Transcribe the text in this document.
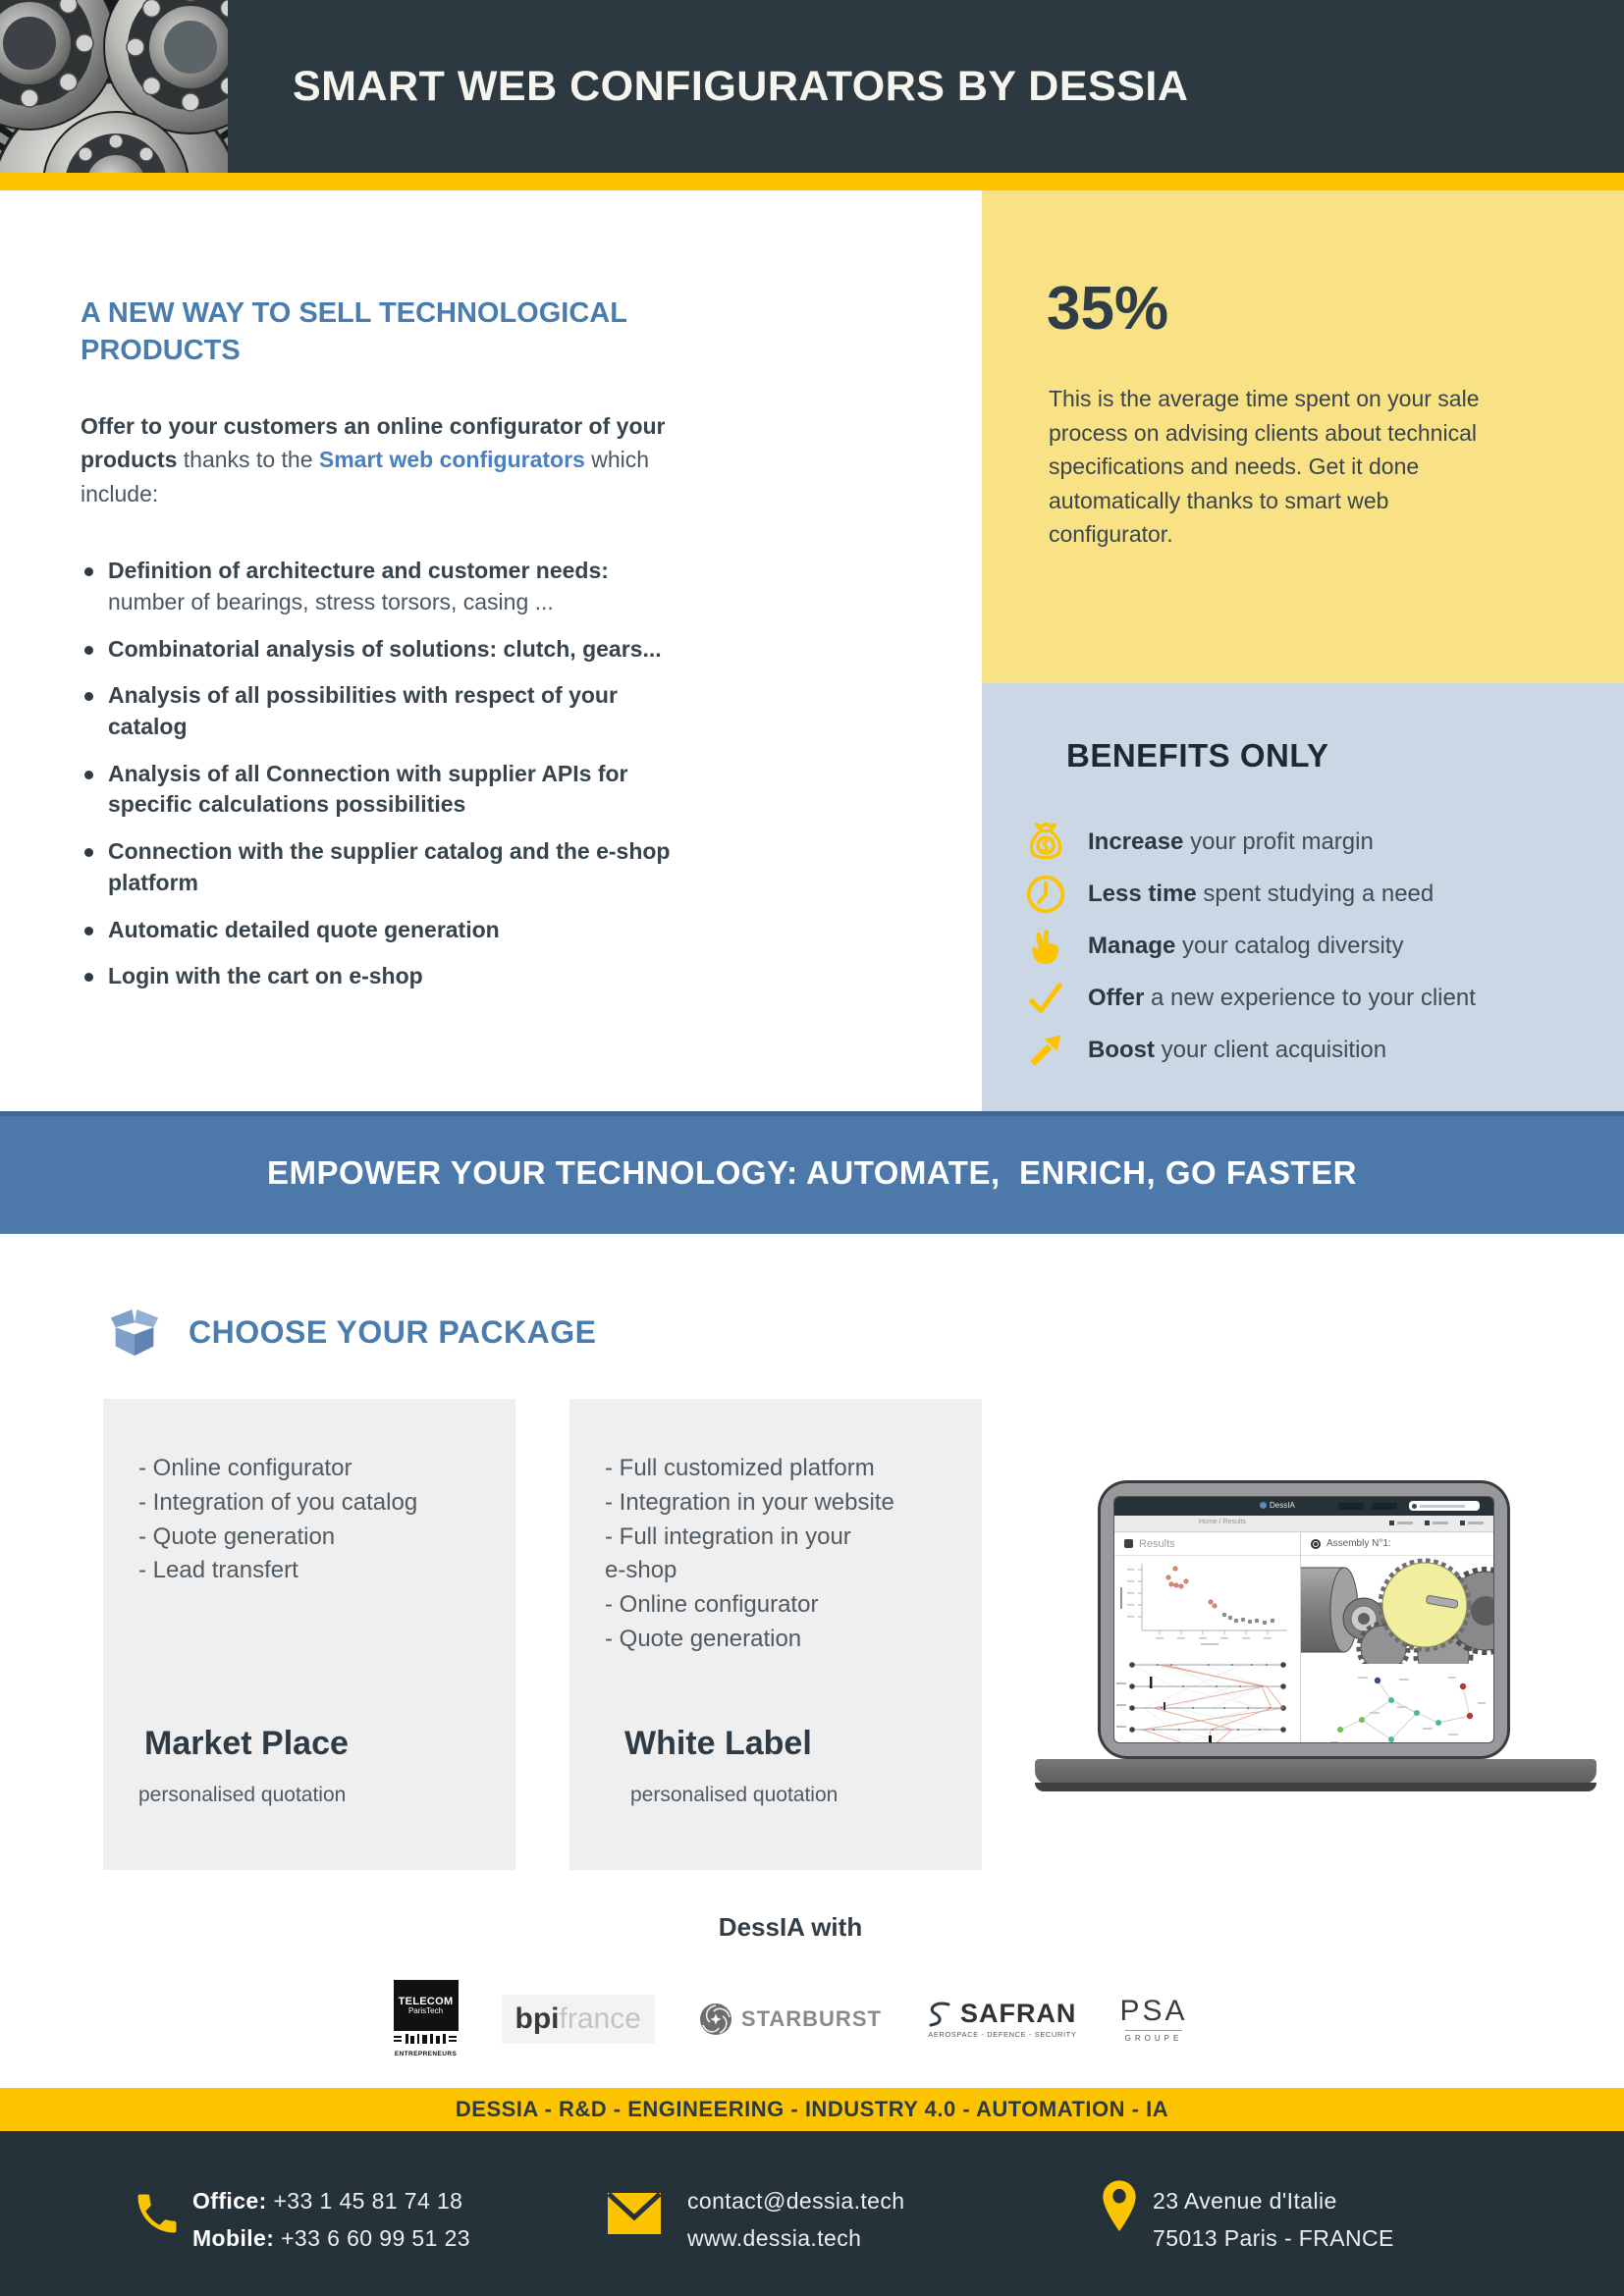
SMART WEB CONFIGURATORS BY DESSIA
A NEW WAY TO SELL TECHNOLOGICAL PRODUCTS
Offer to your customers an online configurator of your products thanks to the Smart web configurators which include:
Definition of architecture and customer needs: number of bearings, stress torsors, casing ...
Combinatorial analysis of solutions: clutch, gears...
Analysis of all possibilities with respect of your catalog
Analysis of all Connection with supplier APIs for specific calculations possibilities
Connection with the supplier catalog and the e-shop platform
Automatic detailed quote generation
Login with the cart on e-shop
35%
This is the average time spent on your sale process on advising clients about technical specifications and needs. Get it done automatically thanks to smart web configurator.
BENEFITS ONLY
Increase your profit margin
Less time spent studying a need
Manage your catalog diversity
Offer a new experience to your client
Boost your client acquisition
EMPOWER YOUR TECHNOLOGY: AUTOMATE,  ENRICH, GO FASTER
CHOOSE YOUR PACKAGE
- Online configurator
- Integration of you catalog
- Quote generation
- Lead transfert
Market Place
personalised quotation
- Full customized platform
- Integration in your website
- Full integration in your
e-shop
- Online configurator
- Quote generation
White Label
personalised quotation
DessIA
Home / Results
Results
	Assembly N°1:

DessIA with
TELECOM
ParisTech
ENTREPRENEURS
bpifrance	STARBURST	SAFRAN
AEROSPACE - DEFENCE - SECURITY
PSA
GROUPE
DESSIA - R&D - ENGINEERING - INDUSTRY 4.0 - AUTOMATION - IA
Office: +33 1 45 81 74 18
Mobile: +33 6 60 99 51 23
contact@dessia.tech
www.dessia.tech
23 Avenue d'Italie
75013 Paris - FRANCE
